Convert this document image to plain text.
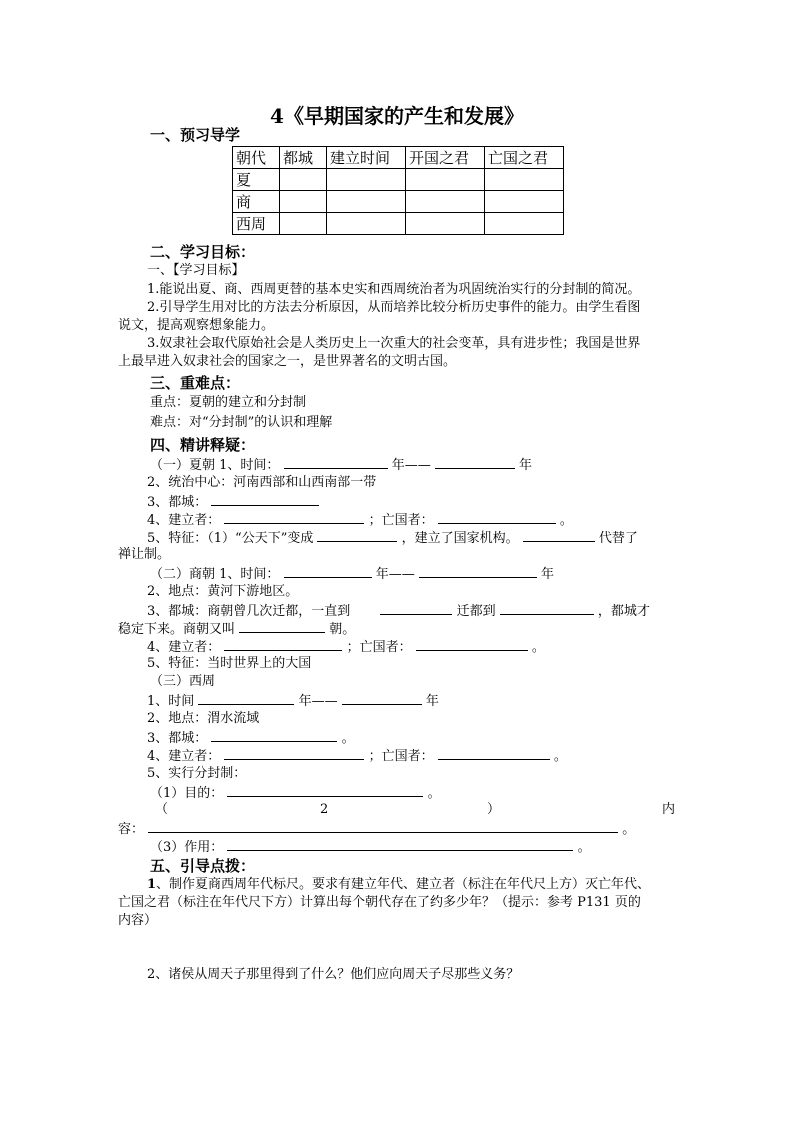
4《早期国家的产生和发展》
一、预习导学
朝代	都城	建立时间	开国之君	亡国之君
夏				
商				
西周				
二、学习目标：
一、【学习目标】
1.能说出夏、商、西周更替的基本史实和西周统治者为巩固统治实行的分封制的简况。
2.引导学生用对比的方法去分析原因，从而培养比较分析历史事件的能力。由学生看图
说文，提高观察想象能力。
3.奴隶社会取代原始社会是人类历史上一次重大的社会变革，具有进步性；我国是世界
上最早进入奴隶社会的国家之一，是世界著名的文明古国。
三、重难点：
重点：夏朝的建立和分封制
难点：对“分封制”的认识和理解
四、精讲释疑：
（一）夏朝 1、时间：	年——	年
2、统治中心：河南西部和山西南部一带
3、都城：
4、建立者：	；亡国者：	。
5、特征：（1）“公天下”变成	，建立了国家机构。	代替了
禅让制。
（二）商朝 1、时间：	年——	年
2、地点：黄河下游地区。
3、都城：商朝曾几次迁都，一直到	迁都到	，都城才
稳定下来。商朝又叫	朝。
4、建立者：	；亡国者：	。
5、特征：当时世界上的大国
（三）西周
1、时间	年——	年
2、地点：渭水流域
3、都城：	。
4、建立者：	；亡国者：	。
5、实行分封制：
（1）目的：	。
（	2	）	内
容：	。
（3）作用：	。
五、引导点拨：
1、制作夏商西周年代标尺。要求有建立年代、建立者（标注在年代尺上方）灭亡年代、
亡国之君（标注在年代尺下方）计算出每个朝代存在了约多少年？（提示：参考 P131 页的
内容）
2、诸侯从周天子那里得到了什么？他们应向周天子尽那些义务？
